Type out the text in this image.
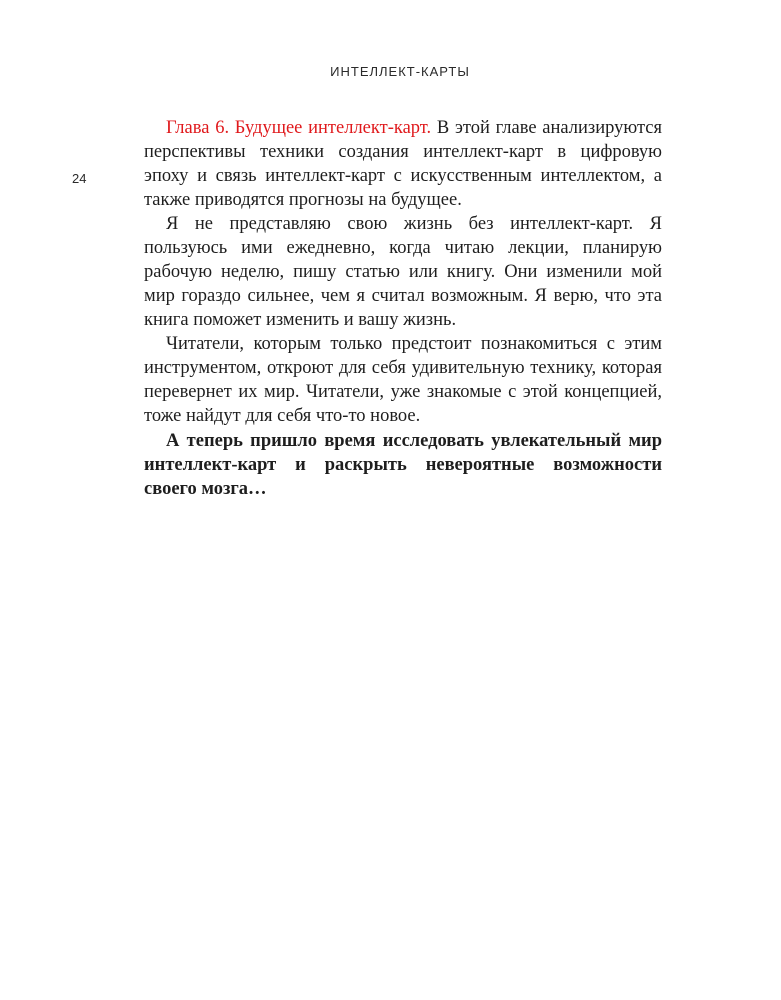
ИНТЕЛЛЕКТ-КАРТЫ
24

Глава 6. Будущее интеллект-карт. В этой главе анализируются перспективы техники создания интеллект-карт в цифровую эпоху и связь интеллект-карт с искусственным интеллектом, а также приводятся прогнозы на будущее.

Я не представляю свою жизнь без интеллект-карт. Я пользуюсь ими ежедневно, когда читаю лекции, планирую рабочую неделю, пишу статью или книгу. Они изменили мой мир гораздо сильнее, чем я считал возможным. Я верю, что эта книга поможет изменить и вашу жизнь.

Читатели, которым только предстоит познакомиться с этим инструментом, откроют для себя удивительную технику, которая перевернет их мир. Читатели, уже знакомые с этой концепцией, тоже найдут для себя что-то новое.

А теперь пришло время исследовать увлекательный мир интеллект-карт и раскрыть невероятные возможности своего мозга…
